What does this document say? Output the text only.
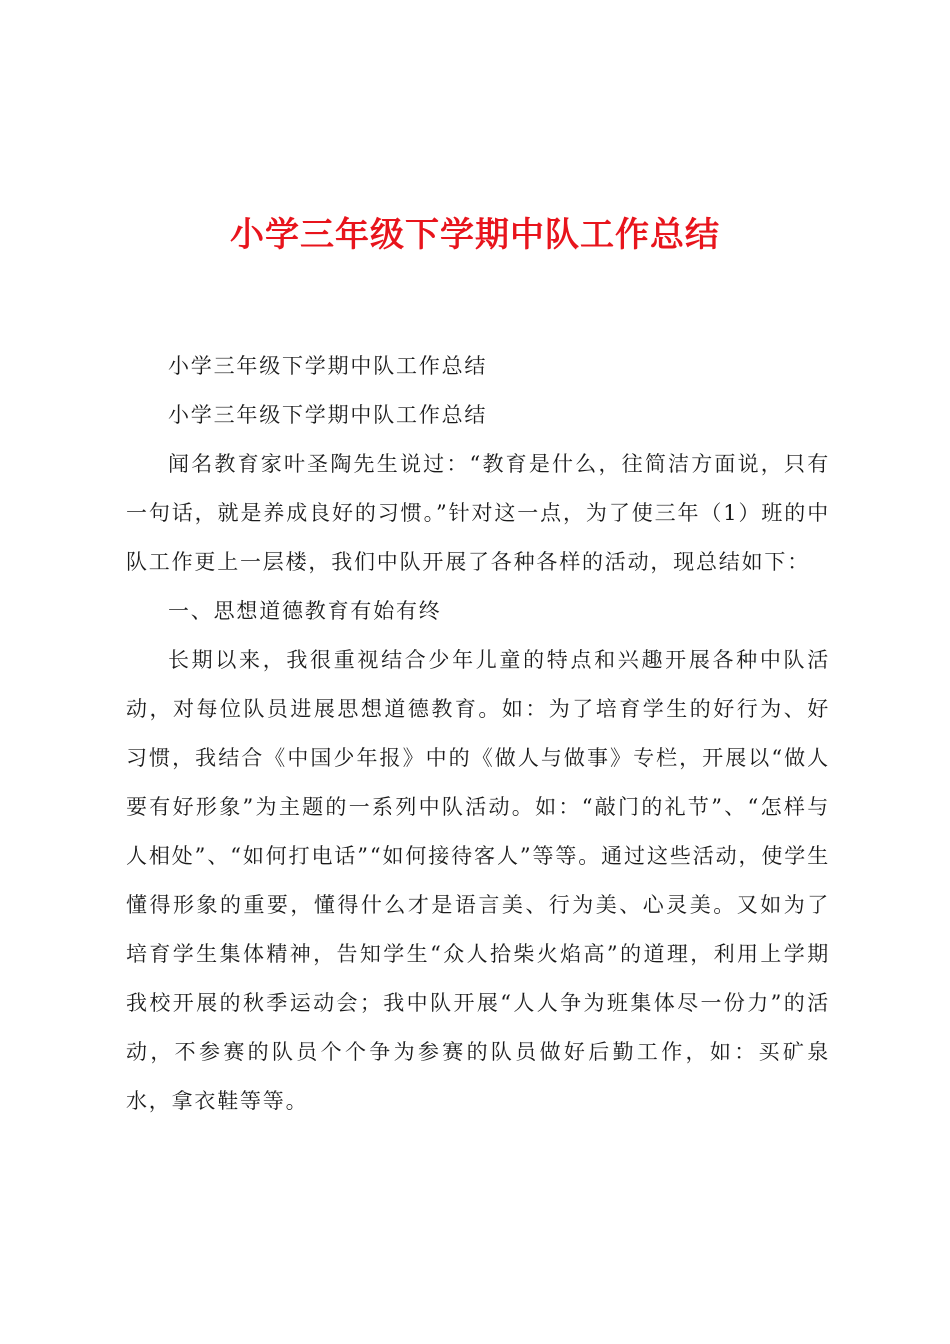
小学三年级下学期中队工作总结

小学三年级下学期中队工作总结

小学三年级下学期中队工作总结

闻名教育家叶圣陶先生说过：“教育是什么，往简洁方面说，只有一句话，就是养成良好的习惯。”针对这一点，为了使三年（1）班的中队工作更上一层楼，我们中队开展了各种各样的活动，现总结如下：

一、思想道德教育有始有终

长期以来，我很重视结合少年儿童的特点和兴趣开展各种中队活动，对每位队员进展思想道德教育。如：为了培育学生的好行为、好习惯，我结合《中国少年报》中的《做人与做事》专栏，开展以“做人要有好形象”为主题的一系列中队活动。如：“敲门的礼节”、“怎样与人相处”、“如何打电话”“如何接待客人”等等。通过这些活动，使学生懂得形象的重要，懂得什么才是语言美、行为美、心灵美。又如为了培育学生集体精神，告知学生“众人拾柴火焰高”的道理，利用上学期我校开展的秋季运动会；我中队开展“人人争为班集体尽一份力”的活动，不参赛的队员个个争为参赛的队员做好后勤工作，如：买矿泉水，拿衣鞋等等。
